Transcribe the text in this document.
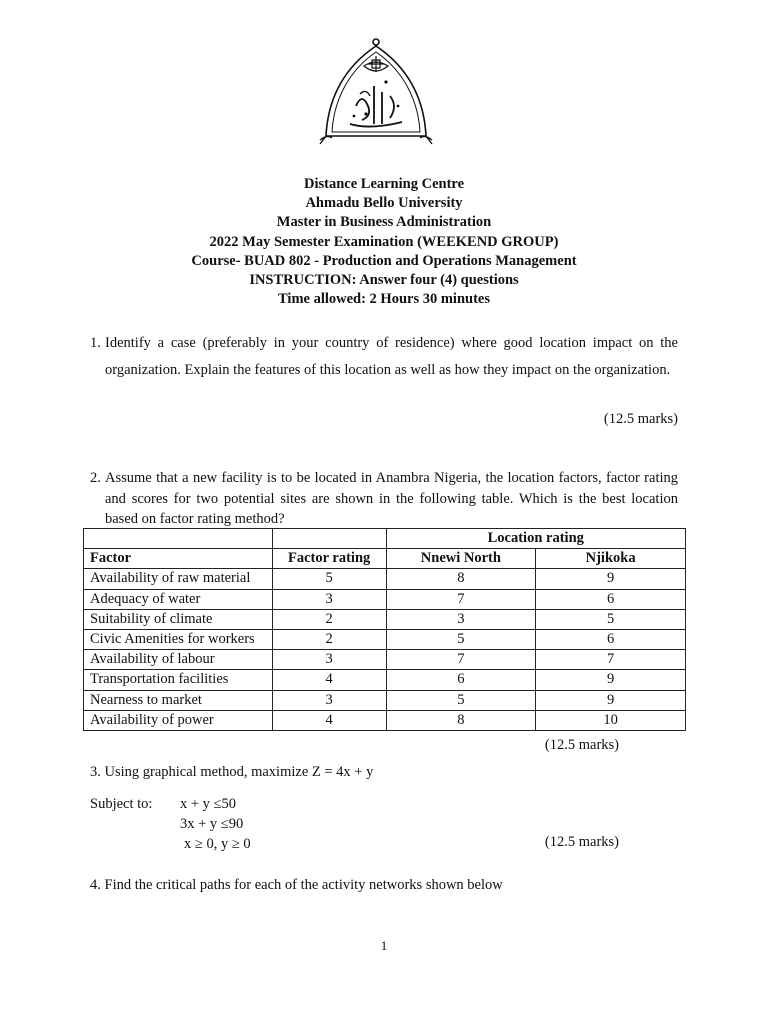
Distance Learning Centre
Ahmadu Bello University
Master in Business Administration
2022 May Semester Examination (WEEKEND GROUP)
Course- BUAD 802 - Production and Operations Management
INSTRUCTION: Answer four (4) questions
Time allowed: 2 Hours 30 minutes
1. Identify a case (preferably in your country of residence) where good location impact on the organization. Explain the features of this location as well as how they impact on the organization.
(12.5 marks)
2. Assume that a new facility is to be located in Anambra Nigeria, the location factors, factor rating and scores for two potential sites are shown in the following table. Which is the best location based on factor rating method?
		Location rating	
Factor	Factor rating	Nnewi North	Njikoka
Availability of raw material	5	8	9
Adequacy of water	3	7	6
Suitability of climate	2	3	5
Civic Amenities for workers	2	5	6
Availability of labour	3	7	7
Transportation facilities	4	6	9
Nearness to market	3	5	9
Availability of power	4	8	10
(12.5 marks)
3. Using graphical method, maximize Z = 4x + y
Subject to: x + y ≤50
3x + y ≤90
x ≥ 0, y ≥ 0	(12.5 marks)
4. Find the critical paths for each of the activity networks shown below
1
